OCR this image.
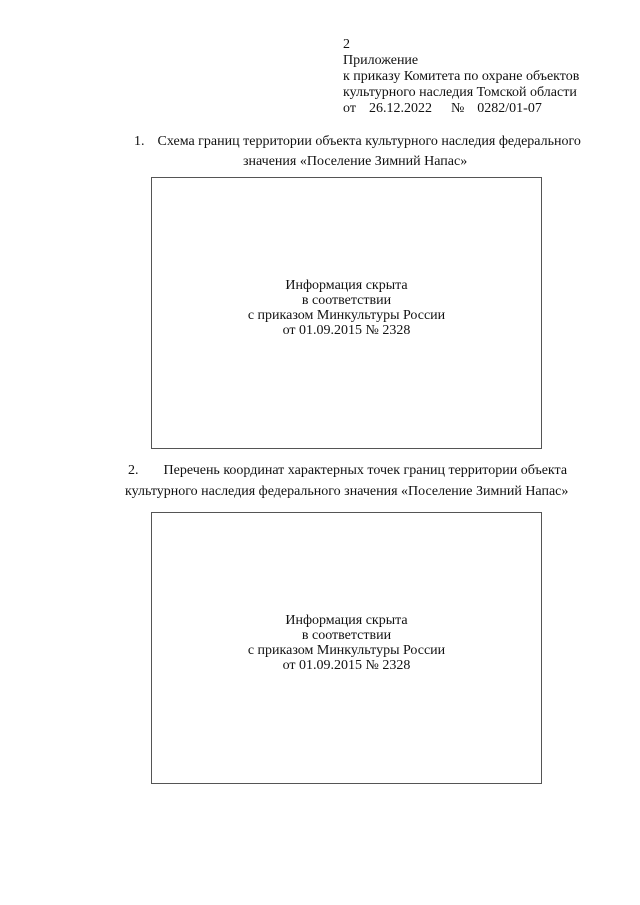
2
Приложение
к приказу Комитета по охране объектов
культурного наследия Томской области
от 26.12.2022 № 0282/01-07
1. Схема границ территории объекта культурного наследия федерального
значения «Поселение Зимний Напас»
Информация скрыта
в соответствии
с приказом Минкультуры России
от 01.09.2015 № 2328
2. Перечень координат характерных точек границ территории объекта
культурного наследия федерального значения «Поселение Зимний Напас»
Информация скрыта
в соответствии
с приказом Минкультуры России
от 01.09.2015 № 2328
